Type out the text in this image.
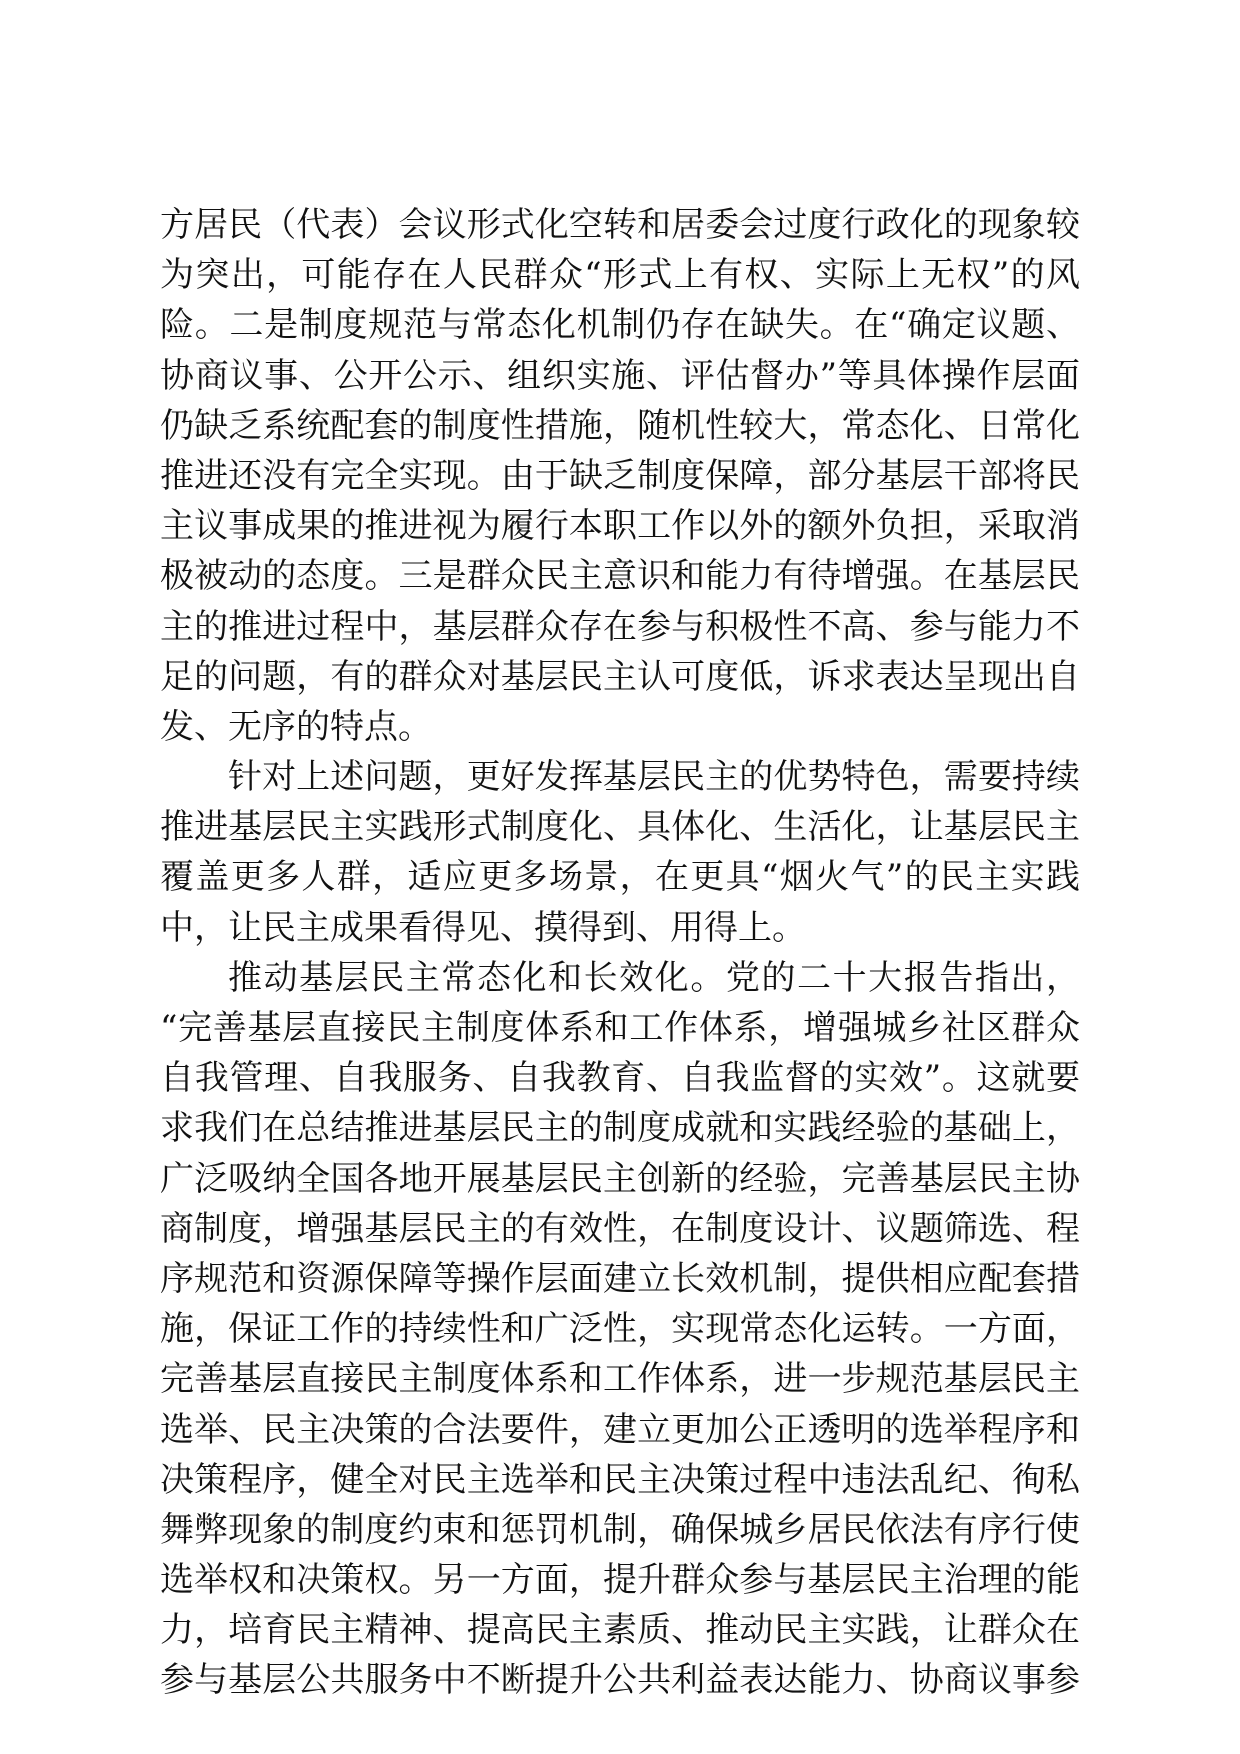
方居民（代表）会议形式化空转和居委会过度行政化的现象较
为突出，可能存在人民群众“形式上有权、实际上无权”的风
险。二是制度规范与常态化机制仍存在缺失。在“确定议题、
协商议事、公开公示、组织实施、评估督办”等具体操作层面
仍缺乏系统配套的制度性措施，随机性较大，常态化、日常化
推进还没有完全实现。由于缺乏制度保障，部分基层干部将民
主议事成果的推进视为履行本职工作以外的额外负担，采取消
极被动的态度。三是群众民主意识和能力有待增强。在基层民
主的推进过程中，基层群众存在参与积极性不高、参与能力不
足的问题，有的群众对基层民主认可度低，诉求表达呈现出自
发、无序的特点。
针对上述问题，更好发挥基层民主的优势特色，需要持续
推进基层民主实践形式制度化、具体化、生活化，让基层民主
覆盖更多人群，适应更多场景，在更具“烟火气”的民主实践
中，让民主成果看得见、摸得到、用得上。
推动基层民主常态化和长效化。党的二十大报告指出，
“完善基层直接民主制度体系和工作体系，增强城乡社区群众
自我管理、自我服务、自我教育、自我监督的实效”。这就要
求我们在总结推进基层民主的制度成就和实践经验的基础上，
广泛吸纳全国各地开展基层民主创新的经验，完善基层民主协
商制度，增强基层民主的有效性，在制度设计、议题筛选、程
序规范和资源保障等操作层面建立长效机制，提供相应配套措
施，保证工作的持续性和广泛性，实现常态化运转。一方面，
完善基层直接民主制度体系和工作体系，进一步规范基层民主
选举、民主决策的合法要件，建立更加公正透明的选举程序和
决策程序，健全对民主选举和民主决策过程中违法乱纪、徇私
舞弊现象的制度约束和惩罚机制，确保城乡居民依法有序行使
选举权和决策权。另一方面，提升群众参与基层民主治理的能
力，培育民主精神、提高民主素质、推动民主实践，让群众在
参与基层公共服务中不断提升公共利益表达能力、协商议事参
